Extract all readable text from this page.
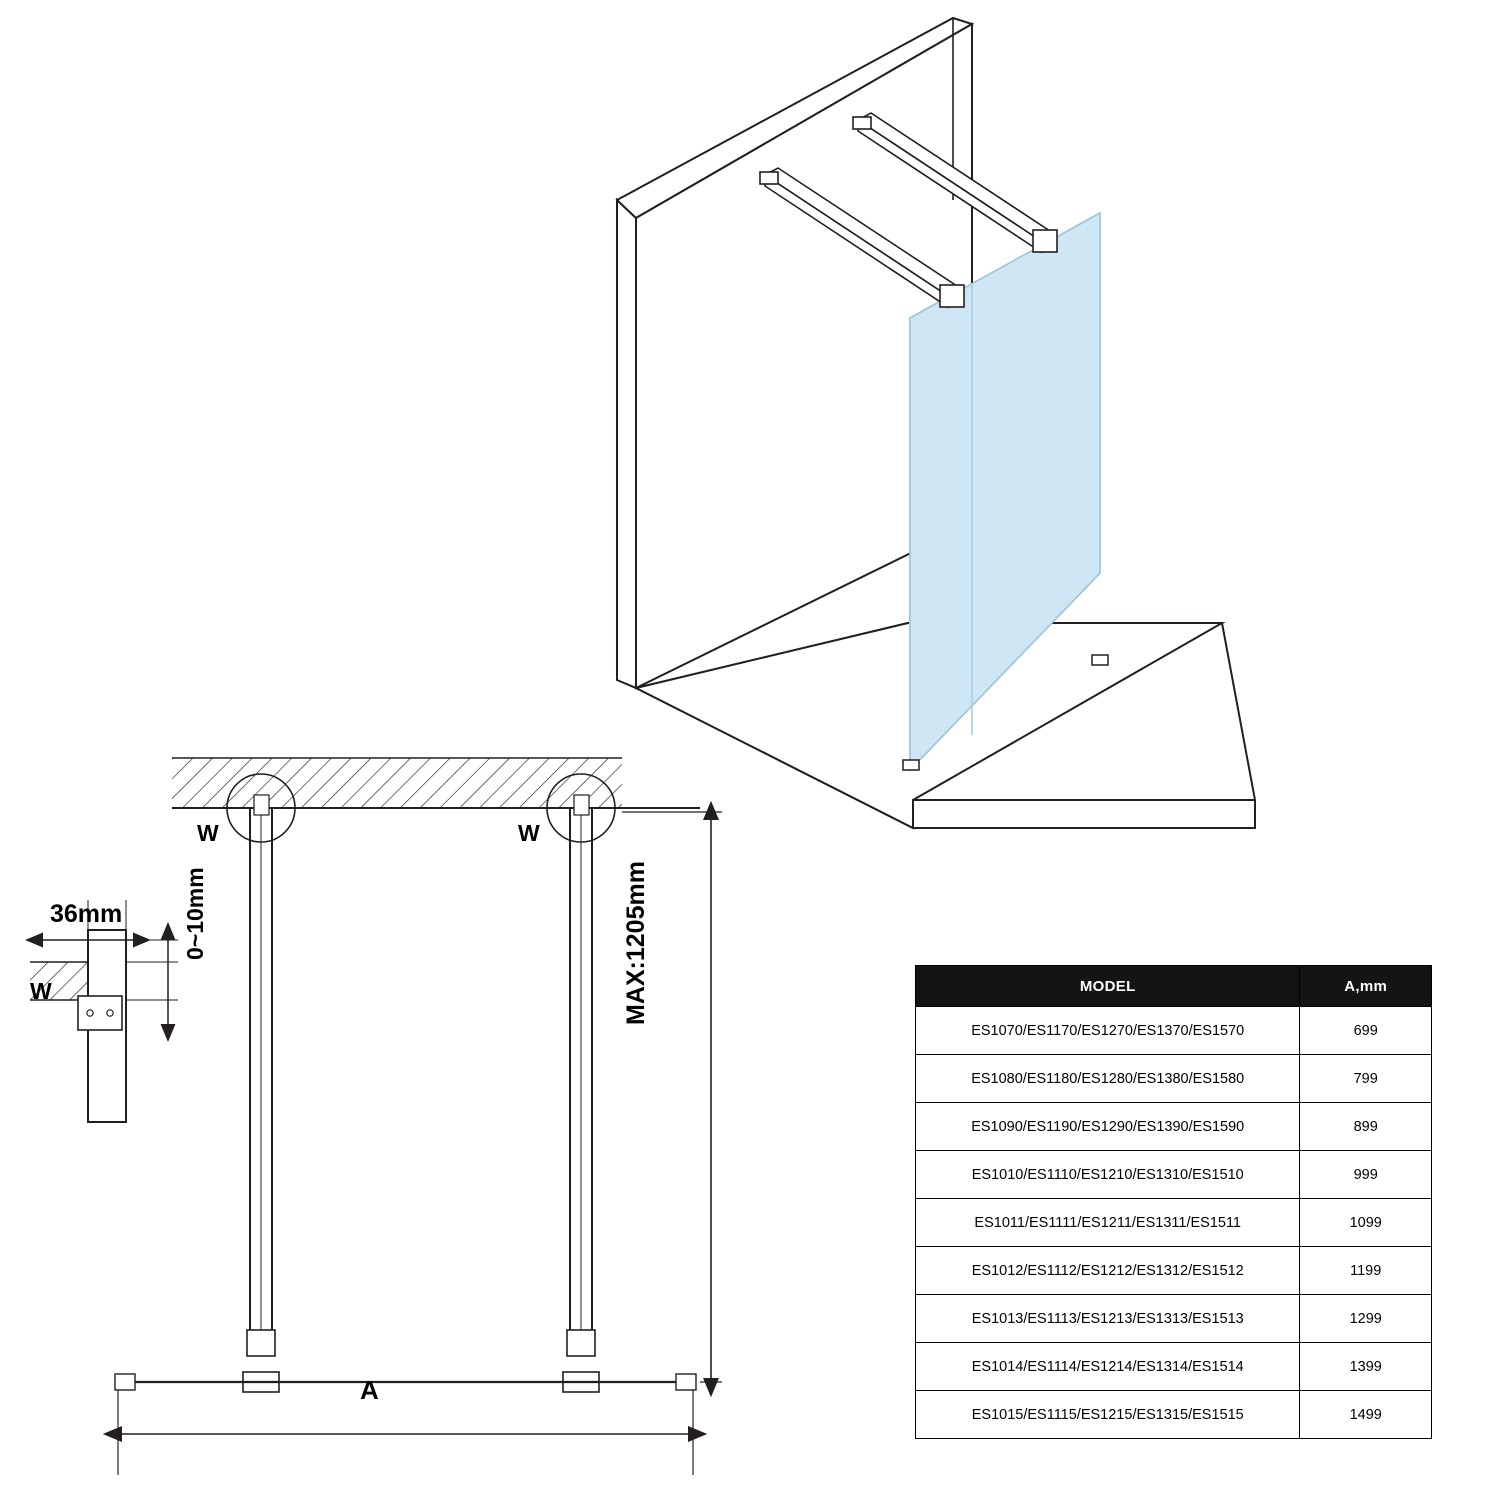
W	W
W
36mm	0~10mm	MAX:1205mm
A
MODEL	A,mm
ES1070/ES1170/ES1270/ES1370/ES1570	699
ES1080/ES1180/ES1280/ES1380/ES1580	799
ES1090/ES1190/ES1290/ES1390/ES1590	899
ES1010/ES1110/ES1210/ES1310/ES1510	999
ES1011/ES1111/ES1211/ES1311/ES1511	1099
ES1012/ES1112/ES1212/ES1312/ES1512	1199
ES1013/ES1113/ES1213/ES1313/ES1513	1299
ES1014/ES1114/ES1214/ES1314/ES1514	1399
ES1015/ES1115/ES1215/ES1315/ES1515	1499
